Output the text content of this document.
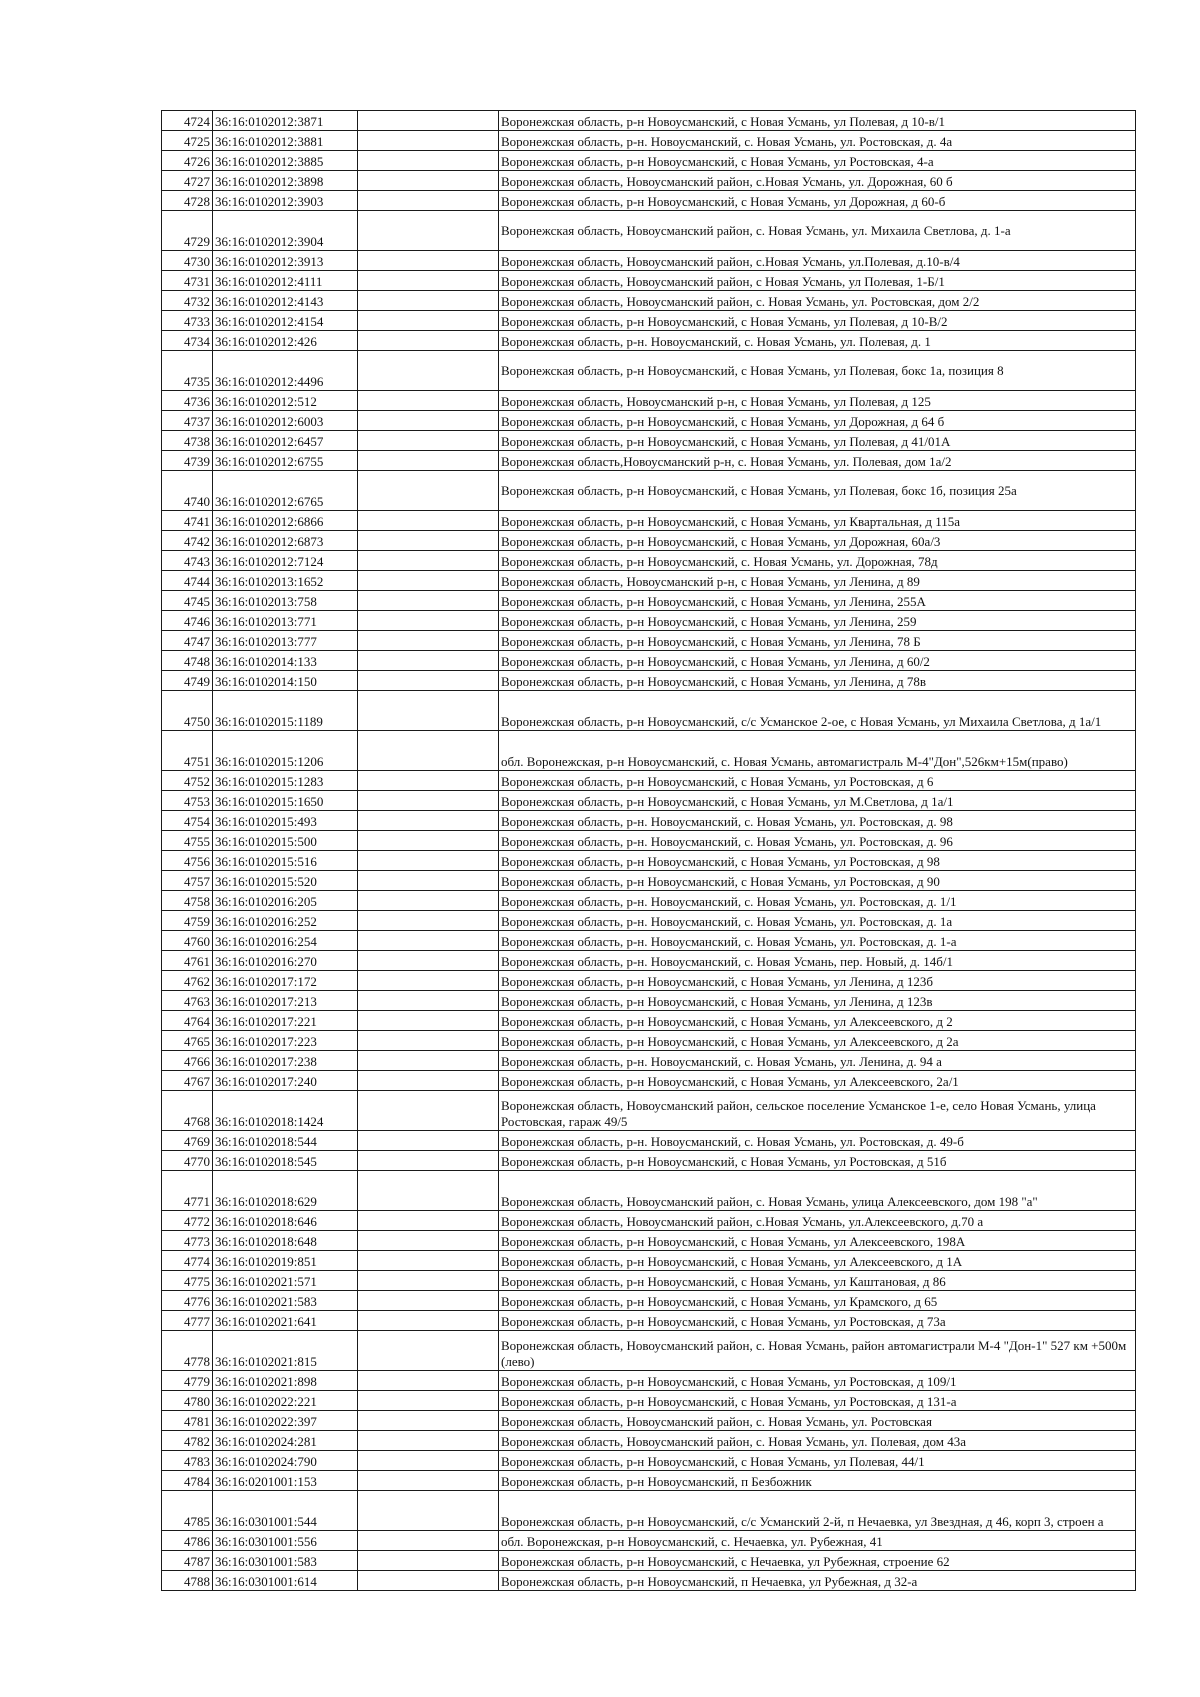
4724	36:16:0102012:3871		Воронежская область, р-н Новоусманский, с Новая Усмань, ул Полевая, д 10-в/1
4725	36:16:0102012:3881		Воронежская область, р-н. Новоусманский, с. Новая Усмань, ул. Ростовская, д. 4а
4726	36:16:0102012:3885		Воронежская область, р-н Новоусманский, с Новая Усмань, ул Ростовская, 4-а
4727	36:16:0102012:3898		Воронежская область, Новоусманский район, с.Новая Усмань, ул. Дорожная, 60 б
4728	36:16:0102012:3903		Воронежская область, р-н Новоусманский, с Новая Усмань, ул Дорожная, д 60-б
4729	36:16:0102012:3904		Воронежская область, Новоусманский район, с. Новая Усмань, ул. Михаила Светлова, д. 1-а
4730	36:16:0102012:3913		Воронежская область, Новоусманский район, с.Новая Усмань, ул.Полевая, д.10-в/4
4731	36:16:0102012:4111		Воронежская область, Новоусманский район, с Новая Усмань, ул Полевая, 1-Б/1
4732	36:16:0102012:4143		Воронежская область, Новоусманский район, с. Новая Усмань, ул. Ростовская, дом 2/2
4733	36:16:0102012:4154		Воронежская область, р-н Новоусманский, с Новая Усмань, ул Полевая, д 10-В/2
4734	36:16:0102012:426		Воронежская область, р-н. Новоусманский, с. Новая Усмань, ул. Полевая, д. 1
4735	36:16:0102012:4496		Воронежская область, р-н Новоусманский, с Новая Усмань, ул Полевая, бокс 1а, позиция 8
4736	36:16:0102012:512		Воронежская область, Новоусманский р-н, с Новая Усмань, ул Полевая, д 125
4737	36:16:0102012:6003		Воронежская область, р-н Новоусманский, с Новая Усмань, ул Дорожная, д 64 б
4738	36:16:0102012:6457		Воронежская область, р-н Новоусманский, с Новая Усмань, ул Полевая, д 41/01А
4739	36:16:0102012:6755		Воронежская область,Новоусманский р-н, с. Новая Усмань, ул. Полевая, дом 1а/2
4740	36:16:0102012:6765		Воронежская область, р-н Новоусманский, с Новая Усмань, ул Полевая, бокс 1б, позиция 25а
4741	36:16:0102012:6866		Воронежская область, р-н Новоусманский, с Новая Усмань, ул Квартальная, д 115а
4742	36:16:0102012:6873		Воронежская область, р-н Новоусманский, с Новая Усмань, ул Дорожная, 60а/3
4743	36:16:0102012:7124		Воронежская область, р-н Новоусманский, с. Новая Усмань, ул. Дорожная, 78д
4744	36:16:0102013:1652		Воронежская область, Новоусманский р-н, с Новая Усмань, ул Ленина, д 89
4745	36:16:0102013:758		Воронежская область, р-н Новоусманский, с Новая Усмань, ул Ленина, 255А
4746	36:16:0102013:771		Воронежская область, р-н Новоусманский, с Новая Усмань, ул Ленина, 259
4747	36:16:0102013:777		Воронежская область, р-н Новоусманский, с Новая Усмань, ул Ленина, 78 Б
4748	36:16:0102014:133		Воронежская область, р-н Новоусманский, с Новая Усмань, ул Ленина, д 60/2
4749	36:16:0102014:150		Воронежская область, р-н Новоусманский, с Новая Усмань, ул Ленина, д 78в
4750	36:16:0102015:1189		Воронежская область, р-н Новоусманский, с/с Усманское 2-ое, с Новая Усмань, ул Михаила Светлова, д 1а/1
4751	36:16:0102015:1206		обл. Воронежская, р-н Новоусманский, с. Новая Усмань, автомагистраль М-4"Дон",526км+15м(право)
4752	36:16:0102015:1283		Воронежская область, р-н Новоусманский, с Новая Усмань, ул Ростовская, д 6
4753	36:16:0102015:1650		Воронежская область, р-н Новоусманский, с Новая Усмань, ул М.Светлова, д 1а/1
4754	36:16:0102015:493		Воронежская область, р-н. Новоусманский, с. Новая Усмань, ул. Ростовская, д. 98
4755	36:16:0102015:500		Воронежская область, р-н. Новоусманский, с. Новая Усмань, ул. Ростовская, д. 96
4756	36:16:0102015:516		Воронежская область, р-н Новоусманский, с Новая Усмань, ул Ростовская, д 98
4757	36:16:0102015:520		Воронежская область, р-н Новоусманский, с Новая Усмань, ул Ростовская, д 90
4758	36:16:0102016:205		Воронежская область, р-н. Новоусманский, с. Новая Усмань, ул. Ростовская, д. 1/1
4759	36:16:0102016:252		Воронежская область, р-н. Новоусманский, с. Новая Усмань, ул. Ростовская, д. 1а
4760	36:16:0102016:254		Воронежская область, р-н. Новоусманский, с. Новая Усмань, ул. Ростовская, д. 1-а
4761	36:16:0102016:270		Воронежская область, р-н. Новоусманский, с. Новая Усмань, пер. Новый, д. 14б/1
4762	36:16:0102017:172		Воронежская область, р-н Новоусманский, с Новая Усмань, ул Ленина, д 123б
4763	36:16:0102017:213		Воронежская область, р-н Новоусманский, с Новая Усмань, ул Ленина, д 123в
4764	36:16:0102017:221		Воронежская область, р-н Новоусманский, с Новая Усмань, ул Алексеевского, д 2
4765	36:16:0102017:223		Воронежская область, р-н Новоусманский, с Новая Усмань, ул Алексеевского, д 2а
4766	36:16:0102017:238		Воронежская область, р-н. Новоусманский, с. Новая Усмань, ул. Ленина, д. 94 а
4767	36:16:0102017:240		Воронежская область, р-н Новоусманский, с Новая Усмань, ул Алексеевского, 2а/1
4768	36:16:0102018:1424		Воронежская область, Новоусманский район, сельское поселение Усманское 1-е, село Новая Усмань, улица Ростовская, гараж 49/5
4769	36:16:0102018:544		Воронежская область, р-н. Новоусманский, с. Новая Усмань, ул. Ростовская, д. 49-б
4770	36:16:0102018:545		Воронежская область, р-н Новоусманский, с Новая Усмань, ул Ростовская, д 51б
4771	36:16:0102018:629		Воронежская область, Новоусманский район, с. Новая Усмань, улица Алексеевского, дом 198 "а"
4772	36:16:0102018:646		Воронежская область, Новоусманский район, с.Новая Усмань, ул.Алексеевского, д.70 а
4773	36:16:0102018:648		Воронежская область, р-н Новоусманский, с Новая Усмань, ул Алексеевского, 198А
4774	36:16:0102019:851		Воронежская область, р-н Новоусманский, с Новая Усмань, ул Алексеевского, д 1А
4775	36:16:0102021:571		Воронежская область, р-н Новоусманский, с Новая Усмань, ул Каштановая, д 86
4776	36:16:0102021:583		Воронежская область, р-н Новоусманский, с Новая Усмань, ул Крамского, д 65
4777	36:16:0102021:641		Воронежская область, р-н Новоусманский, с Новая Усмань, ул Ростовская, д 73а
4778	36:16:0102021:815		Воронежская область, Новоусманский район, с. Новая Усмань, район автомагистрали М-4 "Дон-1" 527 км +500м (лево)
4779	36:16:0102021:898		Воронежская область, р-н Новоусманский, с Новая Усмань, ул Ростовская, д 109/1
4780	36:16:0102022:221		Воронежская область, р-н Новоусманский, с Новая Усмань, ул Ростовская, д 131-а
4781	36:16:0102022:397		Воронежская область, Новоусманский район, с. Новая Усмань, ул. Ростовская
4782	36:16:0102024:281		Воронежская область, Новоусманский район, с. Новая Усмань, ул. Полевая, дом 43а
4783	36:16:0102024:790		Воронежская область, р-н Новоусманский, с Новая Усмань, ул Полевая, 44/1
4784	36:16:0201001:153		Воронежская область, р-н Новоусманский, п Безбожник
4785	36:16:0301001:544		Воронежская область, р-н Новоусманский, с/с Усманский 2-й, п Нечаевка, ул Звездная, д 46, корп 3, строен а
4786	36:16:0301001:556		обл. Воронежская, р-н Новоусманский, с. Нечаевка, ул. Рубежная, 41
4787	36:16:0301001:583		Воронежская область, р-н Новоусманский, с Нечаевка, ул Рубежная, строение 62
4788	36:16:0301001:614		Воронежская область, р-н Новоусманский, п Нечаевка, ул Рубежная, д 32-а
